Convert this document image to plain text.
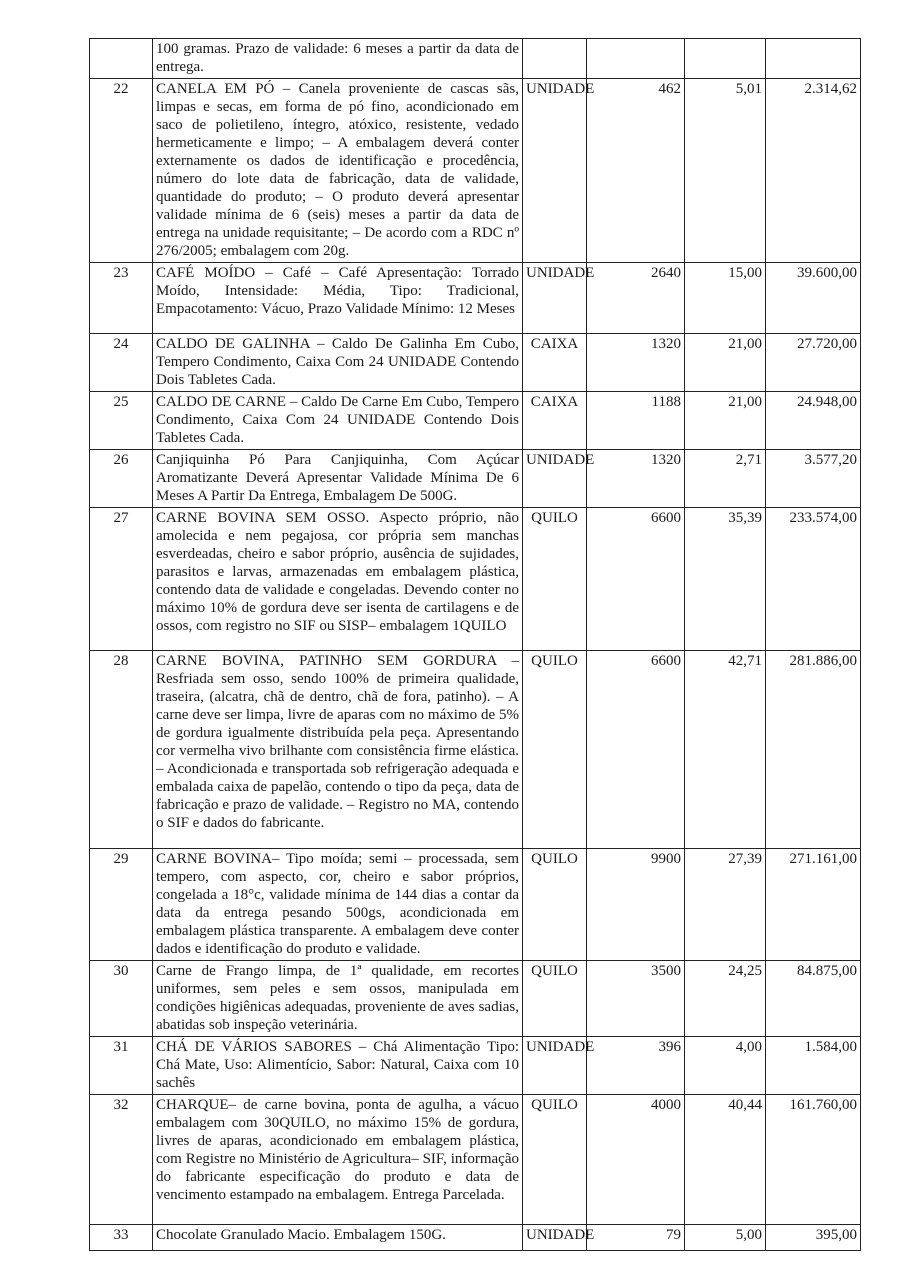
	100 gramas. Prazo de validade: 6 meses a partir da data de entrega.				
22	CANELA EM PÓ – Canela proveniente de cascas sãs, limpas e secas, em forma de pó fino, acondicionado em saco de polietileno, íntegro, atóxico, resistente, vedado hermeticamente e limpo; – A embalagem deverá conter externamente os dados de identificação e procedência, número do lote data de fabricação, data de validade, quantidade do produto; – O produto deverá apresentar validade mínima de 6 (seis) meses a partir da data de entrega na unidade requisitante; – De acordo com a RDC nº 276/2005; embalagem com 20g.	UNIDADE	462	5,01	2.314,62
23	CAFÉ MOÍDO – Café – Café Apresentação: Torrado Moído, Intensidade: Média, Tipo: Tradicional, Empacotamento: Vácuo, Prazo Validade Mínimo: 12 Meses	UNIDADE	2640	15,00	39.600,00
24	CALDO DE GALINHA – Caldo De Galinha Em Cubo, Tempero Condimento, Caixa Com 24 UNIDADE Contendo Dois Tabletes Cada.	CAIXA	1320	21,00	27.720,00
25	CALDO DE CARNE – Caldo De Carne Em Cubo, Tempero Condimento, Caixa Com 24 UNIDADE Contendo Dois Tabletes Cada.	CAIXA	1188	21,00	24.948,00
26	Canjiquinha Pó Para Canjiquinha, Com Açúcar Aromatizante Deverá Apresentar Validade Mínima De 6 Meses A Partir Da Entrega, Embalagem De 500G.	UNIDADE	1320	2,71	3.577,20
27	CARNE BOVINA SEM OSSO. Aspecto próprio, não amolecida e nem pegajosa, cor própria sem manchas esverdeadas, cheiro e sabor próprio, ausência de sujidades, parasitos e larvas, armazenadas em embalagem plástica, contendo data de validade e congeladas. Devendo conter no máximo 10% de gordura deve ser isenta de cartilagens e de ossos, com registro no SIF ou SISP– embalagem 1QUILO	QUILO	6600	35,39	233.574,00
28	CARNE BOVINA, PATINHO SEM GORDURA – Resfriada sem osso, sendo 100% de primeira qualidade, traseira, (alcatra, chã de dentro, chã de fora, patinho). – A carne deve ser limpa, livre de aparas com no máximo de 5% de gordura igualmente distribuída pela peça. Apresentando cor vermelha vivo brilhante com consistência firme elástica. – Acondicionada e transportada sob refrigeração adequada e embalada caixa de papelão, contendo o tipo da peça, data de fabricação e prazo de validade. – Registro no MA, contendo o SIF e dados do fabricante.	QUILO	6600	42,71	281.886,00
29	CARNE BOVINA– Tipo moída; semi – processada, sem tempero, com aspecto, cor, cheiro e sabor próprios, congelada a 18°c, validade mínima de 144 dias a contar da data da entrega pesando 500gs, acondicionada em embalagem plástica transparente. A embalagem deve conter dados e identificação do produto e validade.	QUILO	9900	27,39	271.161,00
30	Carne de Frango limpa, de 1ª qualidade, em recortes uniformes, sem peles e sem ossos, manipulada em condições higiênicas adequadas, proveniente de aves sadias, abatidas sob inspeção veterinária.	QUILO	3500	24,25	84.875,00
31	CHÁ DE VÁRIOS SABORES – Chá Alimentação Tipo: Chá Mate, Uso: Alimentício, Sabor: Natural, Caixa com 10 sachês	UNIDADE	396	4,00	1.584,00
32	CHARQUE– de carne bovina, ponta de agulha, a vácuo embalagem com 30QUILO, no máximo 15% de gordura, livres de aparas, acondicionado em embalagem plástica, com Registre no Ministério de Agricultura– SIF, informação do fabricante especificação do produto e data de vencimento estampado na embalagem. Entrega Parcelada.	QUILO	4000	40,44	161.760,00
33	Chocolate Granulado Macio. Embalagem 150G.	UNIDADE	79	5,00	395,00
